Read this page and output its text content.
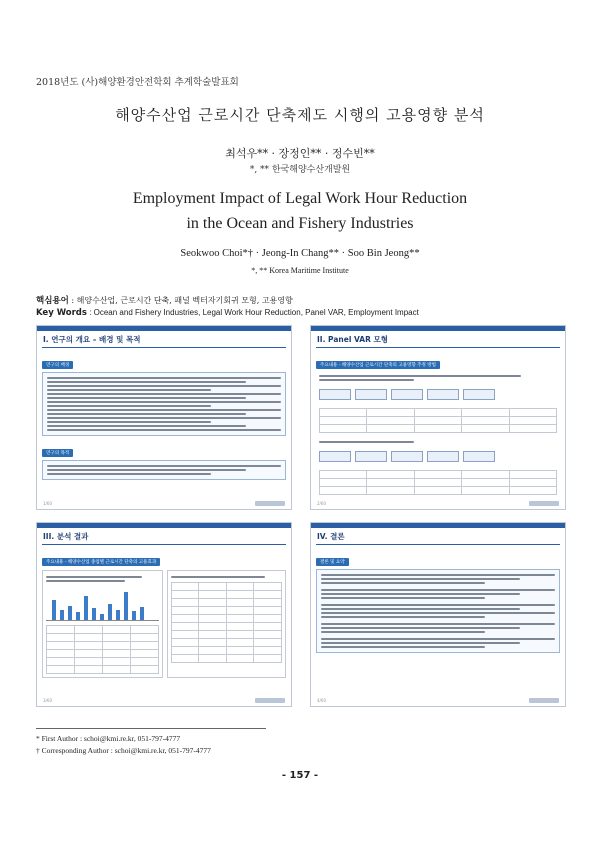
2018년도 (사)해양환경안전학회 추계학술발표회
해양수산업 근로시간 단축제도 시행의 고용영향 분석
최석우** · 장정인** · 정수빈**
*, ** 한국해양수산개발원
Employment Impact of Legal Work Hour Reduction
in the Ocean and Fishery Industries
Seokwoo Choi*† · Jeong-In Chang** · Soo Bin Jeong**
*, ** Korea Maritime Institute
핵심용어 : 해양수산업, 근로시간 단축, 패널 벡터자기회귀 모형, 고용영향
Key Words : Ocean and Fishery Industries, Legal Work Hour Reduction, Panel VAR, Employment Impact
I. 연구의 개요 – 배경 및 목적
연구의 배경
연구의 목적
1/60
II. Panel VAR 모형
주요내용 - 해양수산업 근로시간 단축의 고용영향 추정 방법

2/60
III. 분석 결과
주요내용 - 해양수산업 종업별 근로시간 단축의 고용효과

3/60
IV. 결론
결론 및 요약
4/60
* First Author : schoi@kmi.re.kr, 051-797-4777
† Corresponding Author : schoi@kmi.re.kr, 051-797-4777
- 157 -
